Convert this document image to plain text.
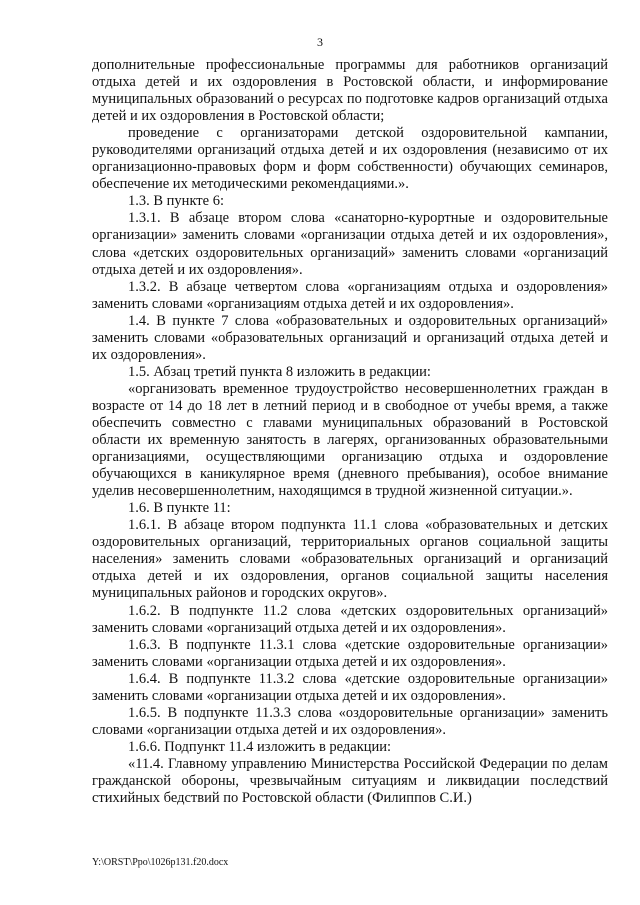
3

дополнительные профессиональные программы для работников организаций отдыха детей и их оздоровления в Ростовской области, и информирование муниципальных образований о ресурсах по подготовке кадров организаций отдыха детей и их оздоровления в Ростовской области;

проведение с организаторами детской оздоровительной кампании, руководителями организаций отдыха детей и их оздоровления (независимо от их организационно-правовых форм и форм собственности) обучающих семинаров, обеспечение их методическими рекомендациями.».

1.3. В пункте 6:

1.3.1. В абзаце втором слова «санаторно-курортные и оздоровительные организации» заменить словами «организации отдыха детей и их оздоровления», слова «детских оздоровительных организаций» заменить словами «организаций отдыха детей и их оздоровления».

1.3.2. В абзаце четвертом слова «организациям отдыха и оздоровления» заменить словами «организациям отдыха детей и их оздоровления».

1.4. В пункте 7 слова «образовательных и оздоровительных организаций» заменить словами «образовательных организаций и организаций отдыха детей и их оздоровления».

1.5. Абзац третий пункта 8 изложить в редакции:

«организовать временное трудоустройство несовершеннолетних граждан в возрасте от 14 до 18 лет в летний период и в свободное от учебы время, а также обеспечить совместно с главами муниципальных образований в Ростовской области их временную занятость в лагерях, организованных образовательными организациями, осуществляющими организацию отдыха и оздоровление обучающихся в каникулярное время (дневного пребывания), особое внимание уделив несовершеннолетним, находящимся в трудной жизненной ситуации.».

1.6. В пункте 11:

1.6.1. В абзаце втором подпункта 11.1 слова «образовательных и детских оздоровительных организаций, территориальных органов социальной защиты населения» заменить словами «образовательных организаций и организаций отдыха детей и их оздоровления, органов социальной защиты населения муниципальных районов и городских округов».

1.6.2. В подпункте 11.2 слова «детских оздоровительных организаций» заменить словами «организаций отдыха детей и их оздоровления».

1.6.3. В подпункте 11.3.1 слова «детские оздоровительные организации» заменить словами «организации отдыха детей и их оздоровления».

1.6.4. В подпункте 11.3.2 слова «детские оздоровительные организации» заменить словами «организации отдыха детей и их оздоровления».

1.6.5. В подпункте 11.3.3 слова «оздоровительные организации» заменить словами «организации отдыха детей и их оздоровления».

1.6.6. Подпункт 11.4 изложить в редакции:

«11.4. Главному управлению Министерства Российской Федерации по делам гражданской обороны, чрезвычайным ситуациям и ликвидации последствий стихийных бедствий по Ростовской области (Филиппов С.И.)

Y:\ORST\Ppo\1026p131.f20.docx
